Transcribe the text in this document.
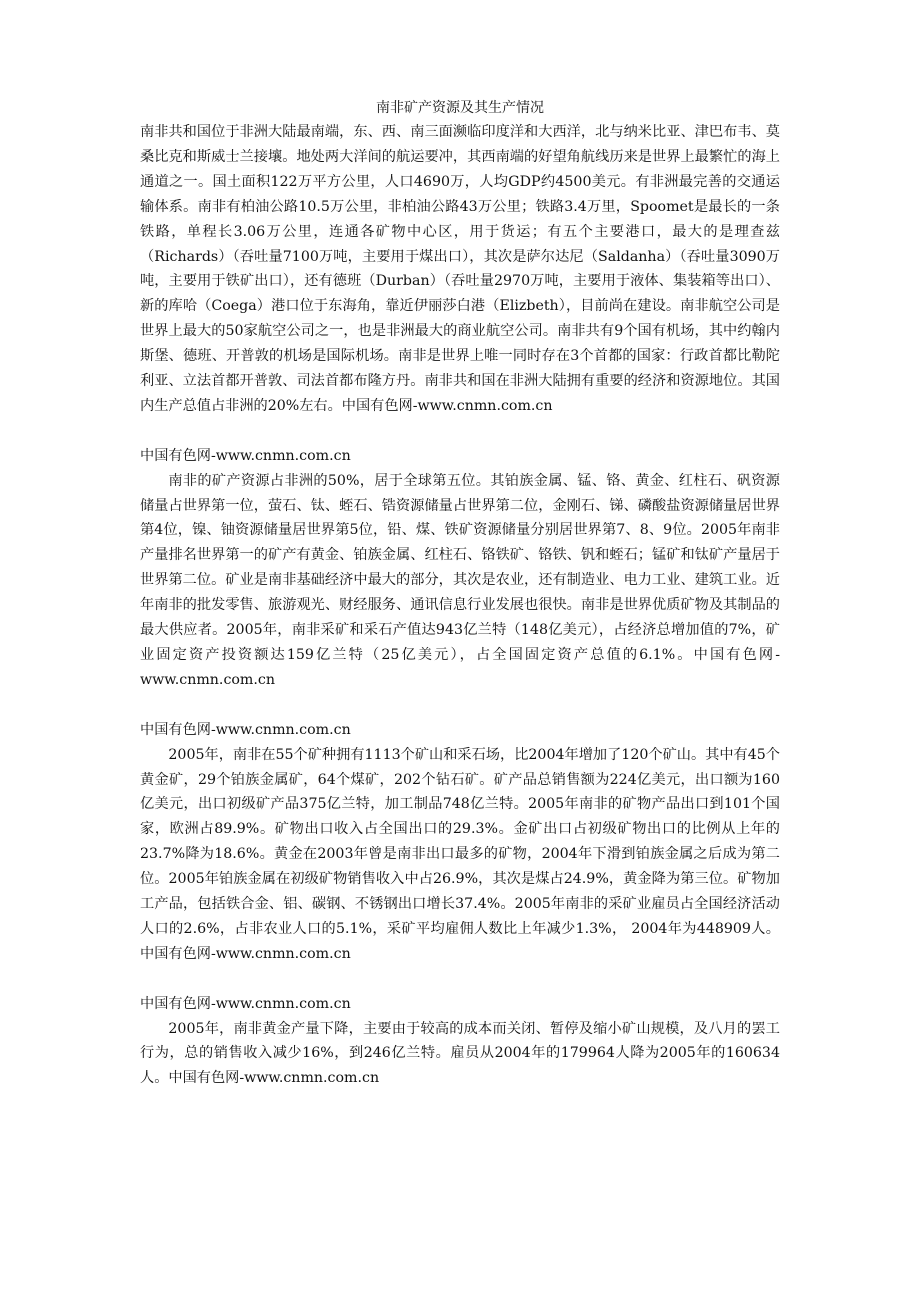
南非矿产资源及其生产情况

南非共和国位于非洲大陆最南端，东、西、南三面濒临印度洋和大西洋，北与纳米比亚、津巴布韦、莫桑比克和斯威士兰接壤。地处两大洋间的航运要冲，其西南端的好望角航线历来是世界上最繁忙的海上通道之一。国土面积122万平方公里，人口4690万，人均GDP约4500美元。有非洲最完善的交通运输体系。南非有柏油公路10.5万公里，非柏油公路43万公里；铁路3.4万里，Spoomet是最长的一条铁路，单程长3.06万公里，连通各矿物中心区，用于货运；有五个主要港口，最大的是理查兹（Richards）（吞吐量7100万吨，主要用于煤出口），其次是萨尔达尼（Saldanha）（吞吐量3090万吨，主要用于铁矿出口），还有德班（Durban）（吞吐量2970万吨，主要用于液体、集装箱等出口）、新的库哈（Coega）港口位于东海角，靠近伊丽莎白港（Elizbeth），目前尚在建设。南非航空公司是世界上最大的50家航空公司之一，也是非洲最大的商业航空公司。南非共有9个国有机场，其中约翰内斯堡、德班、开普敦的机场是国际机场。南非是世界上唯一同时存在3个首都的国家：行政首都比勒陀利亚、立法首都开普敦、司法首都布隆方丹。南非共和国在非洲大陆拥有重要的经济和资源地位。其国内生产总值占非洲的20%左右。中国有色网-www.cnmn.com.cn

中国有色网-www.cnmn.com.cn

南非的矿产资源占非洲的50%，居于全球第五位。其铂族金属、锰、铬、黄金、红柱石、矾资源储量占世界第一位，萤石、钛、蛭石、锆资源储量占世界第二位，金刚石、锑、磷酸盐资源储量居世界第4位，镍、铀资源储量居世界第5位，铅、煤、铁矿资源储量分别居世界第7、8、9位。2005年南非产量排名世界第一的矿产有黄金、铂族金属、红柱石、铬铁矿、铬铁、钒和蛭石；锰矿和钛矿产量居于世界第二位。矿业是南非基础经济中最大的部分，其次是农业，还有制造业、电力工业、建筑工业。近年南非的批发零售、旅游观光、财经服务、通讯信息行业发展也很快。南非是世界优质矿物及其制品的最大供应者。2005年，南非采矿和采石产值达943亿兰特（148亿美元），占经济总增加值的7%，矿业固定资产投资额达159亿兰特（25亿美元），占全国固定资产总值的6.1%。中国有色网-www.cnmn.com.cn

中国有色网-www.cnmn.com.cn

2005年，南非在55个矿种拥有1113个矿山和采石场，比2004年增加了120个矿山。其中有45个黄金矿，29个铂族金属矿，64个煤矿，202个钻石矿。矿产品总销售额为224亿美元，出口额为160亿美元，出口初级矿产品375亿兰特，加工制品748亿兰特。2005年南非的矿物产品出口到101个国家，欧洲占89.9%。矿物出口收入占全国出口的29.3%。金矿出口占初级矿物出口的比例从上年的23.7%降为18.6%。黄金在2003年曾是南非出口最多的矿物，2004年下滑到铂族金属之后成为第二位。2005年铂族金属在初级矿物销售收入中占26.9%，其次是煤占24.9%，黄金降为第三位。矿物加工产品，包括铁合金、铝、碳钢、不锈钢出口增长37.4%。2005年南非的采矿业雇员占全国经济活动人口的2.6%，占非农业人口的5.1%，采矿平均雇佣人数比上年减少1.3%， 2004年为448909人。中国有色网-www.cnmn.com.cn

中国有色网-www.cnmn.com.cn

2005年，南非黄金产量下降，主要由于较高的成本而关闭、暂停及缩小矿山规模，及八月的罢工行为，总的销售收入减少16%，到246亿兰特。雇员从2004年的179964人降为2005年的160634人。中国有色网-www.cnmn.com.cn
